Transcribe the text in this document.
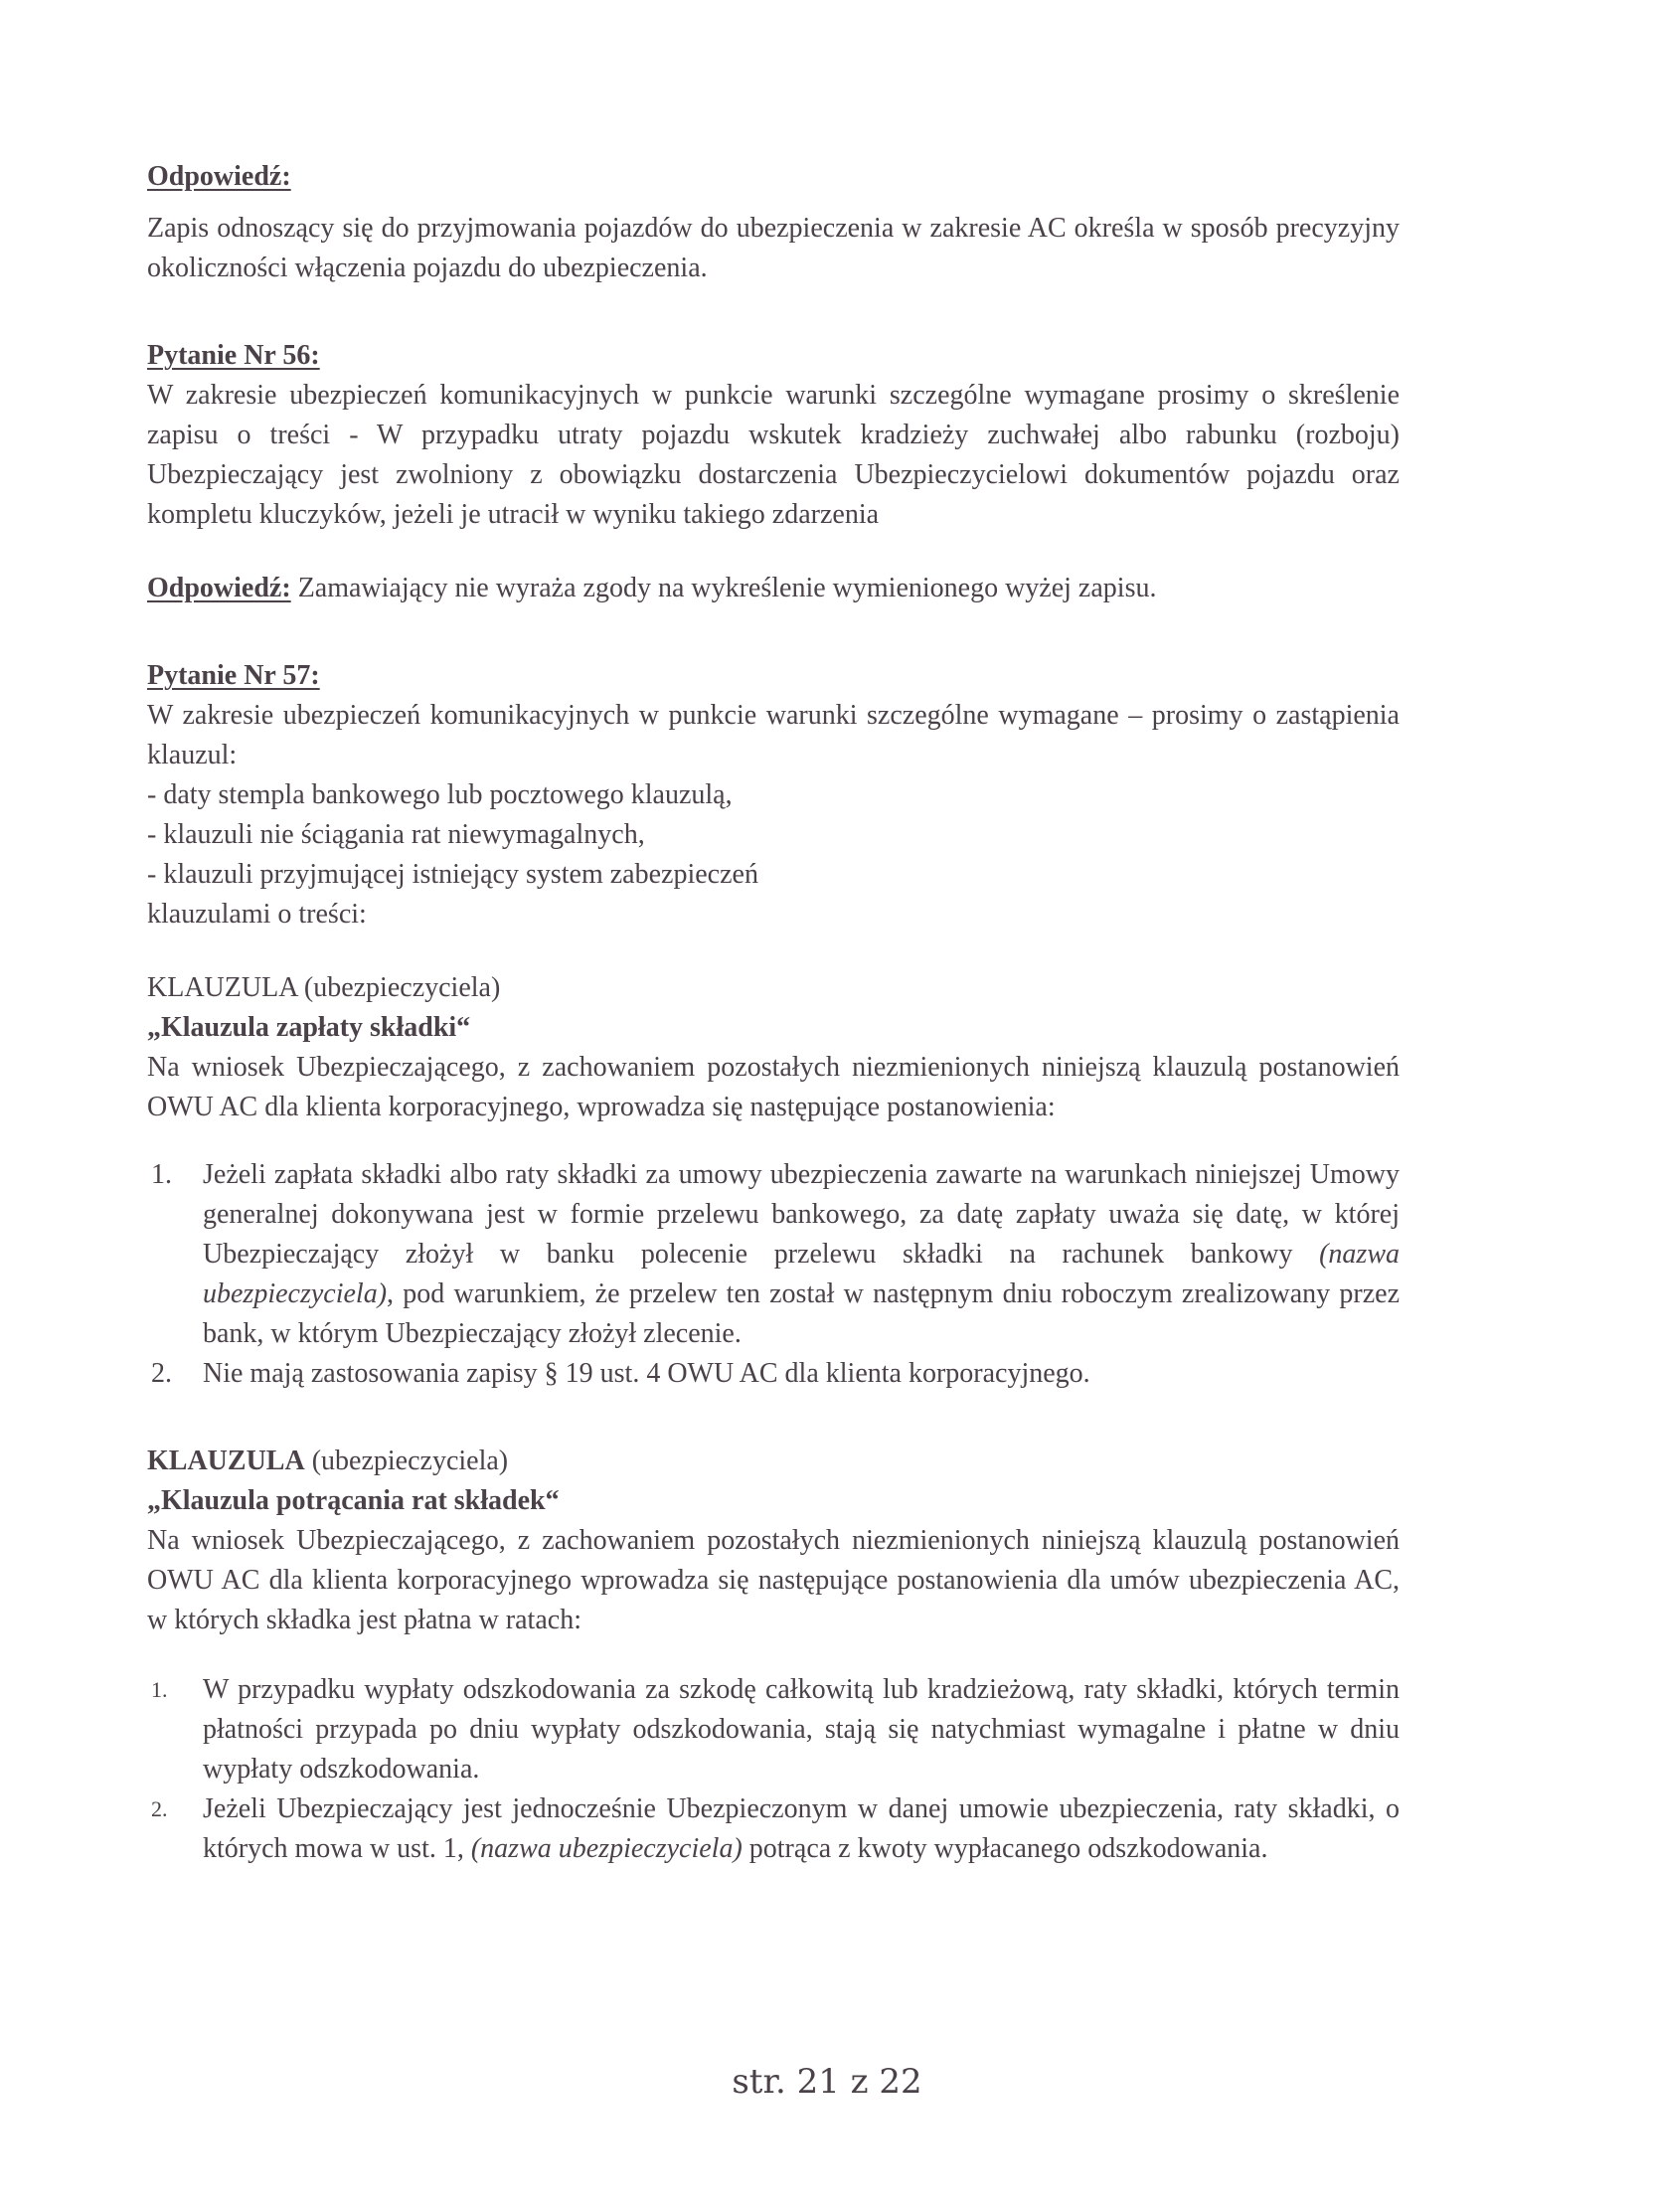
Odpowiedź:

Zapis odnoszący się do przyjmowania pojazdów do ubezpieczenia w zakresie AC określa w sposób precyzyjny okoliczności włączenia pojazdu do ubezpieczenia.

Pytanie Nr 56:

W zakresie ubezpieczeń komunikacyjnych w punkcie warunki szczególne wymagane prosimy o skreślenie zapisu o treści - W przypadku utraty pojazdu wskutek kradzieży zuchwałej albo rabunku (rozboju) Ubezpieczający jest zwolniony z obowiązku dostarczenia Ubezpieczycielowi dokumentów pojazdu oraz kompletu kluczyków, jeżeli je utracił w wyniku takiego zdarzenia

Odpowiedź: Zamawiający nie wyraża zgody na wykreślenie wymienionego wyżej zapisu.

Pytanie Nr 57:

W zakresie ubezpieczeń komunikacyjnych w punkcie warunki szczególne wymagane – prosimy o zastąpienia klauzul:

- daty stempla bankowego lub pocztowego klauzulą,
- klauzuli nie ściągania rat niewymagalnych,
- klauzuli przyjmującej istniejący system zabezpieczeń
klauzulami o treści:
KLAUZULA (ubezpieczyciela)
„Klauzula zapłaty składki“

Na wniosek Ubezpieczającego, z zachowaniem pozostałych niezmienionych niniejszą klauzulą postanowień OWU AC dla klienta korporacyjnego, wprowadza się następujące postanowienia:

1.	Jeżeli zapłata składki albo raty składki za umowy ubezpieczenia zawarte na warunkach niniejszej Umowy generalnej dokonywana jest w formie przelewu bankowego, za datę zapłaty uważa się datę, w której Ubezpieczający złożył w banku polecenie przelewu składki na rachunek bankowy (nazwa ubezpieczyciela), pod warunkiem, że przelew ten został w następnym dniu roboczym zrealizowany przez bank, w którym Ubezpieczający złożył zlecenie.
2.	Nie mają zastosowania zapisy § 19 ust. 4 OWU AC dla klienta korporacyjnego.
KLAUZULA (ubezpieczyciela)
„Klauzula potrącania rat składek“

Na wniosek Ubezpieczającego, z zachowaniem pozostałych niezmienionych niniejszą klauzulą postanowień OWU AC dla klienta korporacyjnego wprowadza się następujące postanowienia dla umów ubezpieczenia AC, w których składka jest płatna w ratach:

1.	W przypadku wypłaty odszkodowania za szkodę całkowitą lub kradzieżową, raty składki, których termin płatności przypada po dniu wypłaty odszkodowania, stają się natychmiast wymagalne i płatne w dniu wypłaty odszkodowania.
2.	Jeżeli Ubezpieczający jest jednocześnie Ubezpieczonym w danej umowie ubezpieczenia, raty składki, o których mowa w ust. 1, (nazwa ubezpieczyciela) potrąca z kwoty wypłacanego odszkodowania.
str. 21 z 22
